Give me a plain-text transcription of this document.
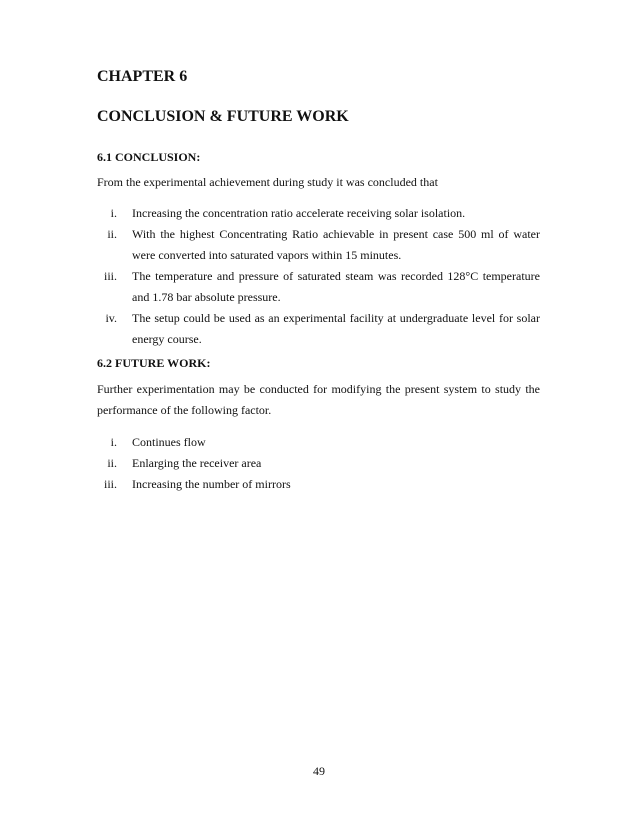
CHAPTER 6
CONCLUSION & FUTURE WORK
6.1 CONCLUSION:
From the experimental achievement during study it was concluded that
i. Increasing the concentration ratio accelerate receiving solar isolation.
ii. With the highest Concentrating Ratio achievable in present case 500 ml of water were converted into saturated vapors within 15 minutes.
iii. The temperature and pressure of saturated steam was recorded 128°C temperature and 1.78 bar absolute pressure.
iv. The setup could be used as an experimental facility at undergraduate level for solar energy course.
6.2 FUTURE WORK:
Further experimentation may be conducted for modifying the present system to study the performance of the following factor.
i. Continues flow
ii. Enlarging the receiver area
iii. Increasing the number of mirrors
49
